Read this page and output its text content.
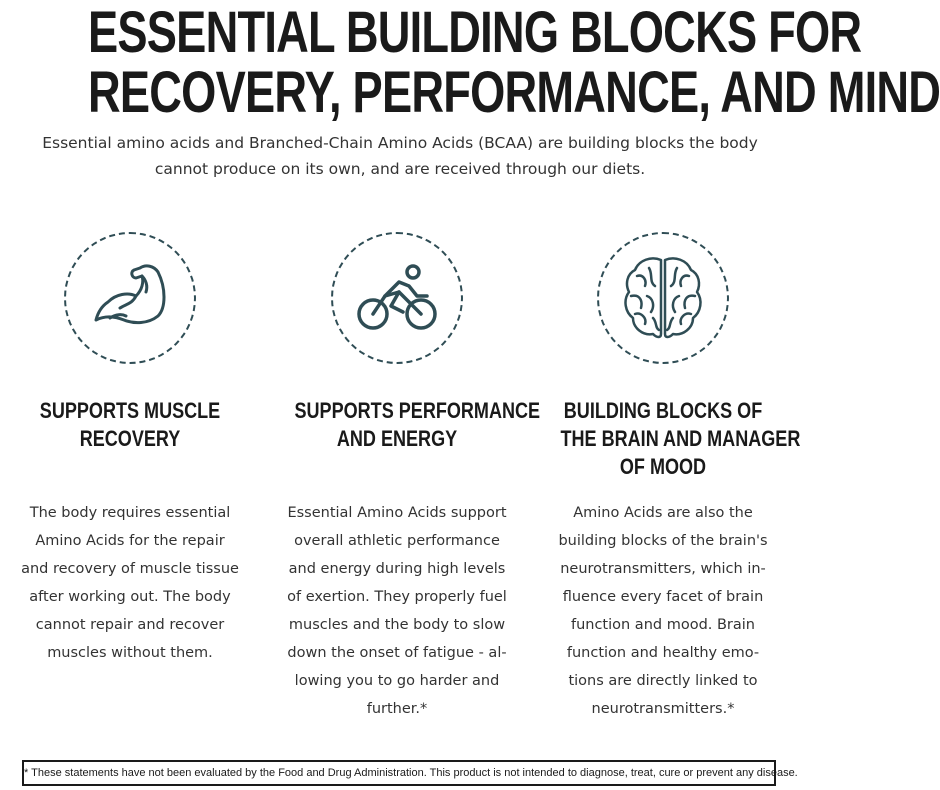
ESSENTIAL BUILDING BLOCKS FOR
RECOVERY, PERFORMANCE, AND MIND
Essential amino acids and Branched-Chain Amino Acids (BCAA) are building blocks the body
cannot produce on its own, and are received through our diets.
SUPPORTS MUSCLE
RECOVERY
The body requires essential
Amino Acids for the repair
and recovery of muscle tissue
after working out. The body
cannot repair and recover
muscles without them.
SUPPORTS PERFORMANCE
AND ENERGY
Essential Amino Acids support
overall athletic performance
and energy during high levels
of exertion. They properly fuel
muscles and the body to slow
down the onset of fatigue - al-
lowing you to go harder and
further.*
BUILDING BLOCKS OF
THE BRAIN AND MANAGER
OF MOOD
Amino Acids are also the
building blocks of the brain's
neurotransmitters, which in-
fluence every facet of brain
function and mood. Brain
function and healthy emo-
tions are directly linked to
neurotransmitters.*
* These statements have not been evaluated by the Food and Drug Administration. This product is not intended to diagnose, treat, cure or prevent any disease.
